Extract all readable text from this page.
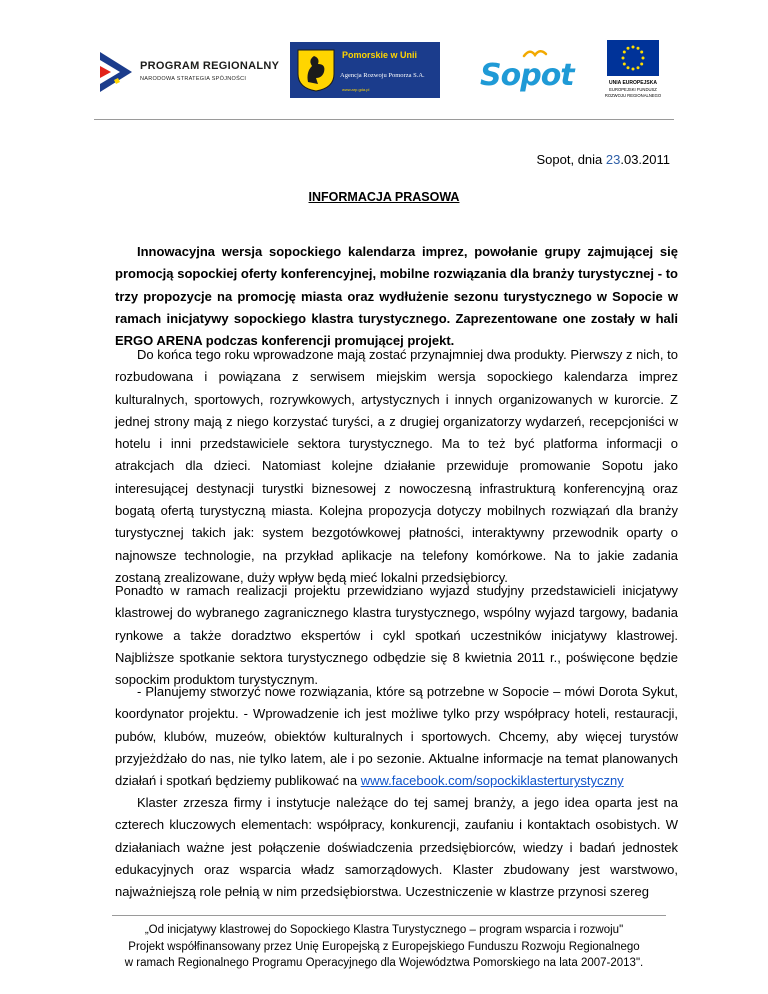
PROGRAM REGIONALNY
NARODOWA STRATEGIA SPÓJNOŚCI
Pomorskie w Unii
Agencja Rozwoju Pomorza S.A.
www.arp.gda.pl	Sopot	UNIA EUROPEJSKA
EUROPEJSKI FUNDUSZ
ROZWOJU REGIONALNEGO
Sopot, dnia 23.03.2011
INFORMACJA PRASOWA

Innowacyjna wersja sopockiego kalendarza imprez, powołanie grupy zajmującej się promocją sopockiej oferty konferencyjnej, mobilne rozwiązania dla branży turystycznej - to trzy propozycje na promocję miasta oraz wydłużenie sezonu turystycznego w Sopocie w ramach inicjatywy sopockiego klastra turystycznego. Zaprezentowane one zostały w hali ERGO ARENA podczas konferencji promującej projekt.

Do końca tego roku wprowadzone mają zostać przynajmniej dwa produkty. Pierwszy z nich, to rozbudowana i powiązana z serwisem miejskim wersja sopockiego kalendarza imprez kulturalnych, sportowych, rozrywkowych, artystycznych i innych organizowanych w kurorcie. Z jednej strony mają z niego korzystać turyści, a z drugiej organizatorzy wydarzeń, recepcjoniści w hotelu i inni przedstawiciele sektora turystycznego. Ma to też być platforma informacji o atrakcjach dla dzieci. Natomiast kolejne działanie przewiduje promowanie Sopotu jako interesującej destynacji turystki biznesowej z nowoczesną infrastrukturą konferencyjną oraz bogatą ofertą turystyczną miasta. Kolejna propozycja dotyczy mobilnych rozwiązań dla branży turystycznej takich jak: system bezgotówkowej płatności, interaktywny przewodnik oparty o najnowsze technologie, na przykład aplikacje na telefony komórkowe. Na to jakie zadania zostaną zrealizowane, duży wpływ będą mieć lokalni przedsiębiorcy.

Ponadto w ramach realizacji projektu przewidziano wyjazd studyjny przedstawicieli inicjatywy klastrowej do wybranego zagranicznego klastra turystycznego, wspólny wyjazd targowy, badania rynkowe a także doradztwo ekspertów i cykl spotkań uczestników inicjatywy klastrowej. Najbliższe spotkanie sektora turystycznego odbędzie się 8 kwietnia 2011 r., poświęcone będzie sopockim produktom turystycznym.

- Planujemy stworzyć nowe rozwiązania, które są potrzebne w Sopocie – mówi Dorota Sykut, koordynator projektu. - Wprowadzenie ich jest możliwe tylko przy współpracy hoteli, restauracji, pubów, klubów, muzeów, obiektów kulturalnych i sportowych. Chcemy, aby więcej turystów przyjeżdżało do nas, nie tylko latem, ale i po sezonie. Aktualne informacje na temat planowanych działań i spotkań będziemy publikować na www.facebook.com/sopockiklasterturystyczny

Klaster zrzesza firmy i instytucje należące do tej samej branży, a jego idea oparta jest na czterech kluczowych elementach: współpracy, konkurencji, zaufaniu i kontaktach osobistych. W działaniach ważne jest połączenie doświadczenia przedsiębiorców, wiedzy i badań jednostek edukacyjnych oraz wsparcia władz samorządowych. Klaster zbudowany jest warstwowo, najważniejszą role pełnią w nim przedsiębiorstwa. Uczestniczenie w klastrze przynosi szereg

„Od inicjatywy klastrowej do Sopockiego Klastra Turystycznego – program wsparcia i rozwoju"
Projekt współfinansowany przez Unię Europejską z Europejskiego Funduszu Rozwoju Regionalnego
w ramach Regionalnego Programu Operacyjnego dla Województwa Pomorskiego na lata 2007-2013".
